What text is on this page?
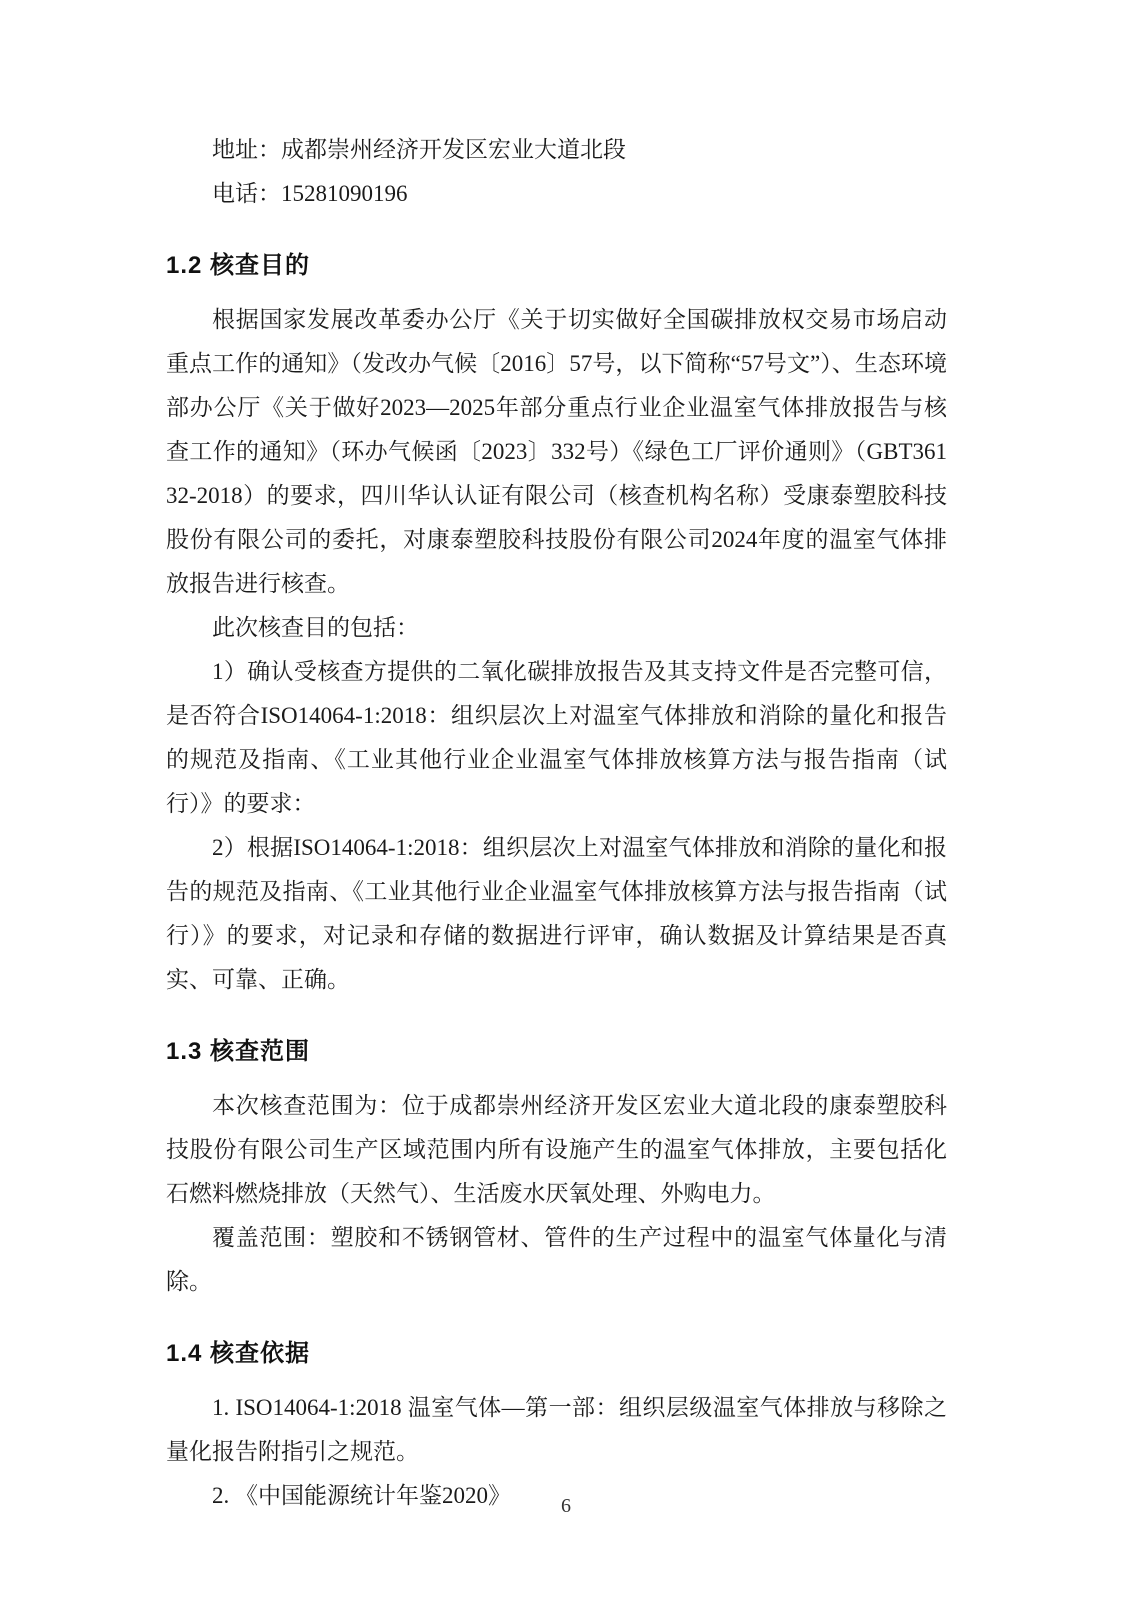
地址：成都崇州经济开发区宏业大道北段

电话：15281090196

1.2 核查目的

根据国家发展改革委办公厅《关于切实做好全国碳排放权交易市场启动重点工作的通知》（发改办气候〔2016〕57号，以下简称“57号文”）、生态环境部办公厅《关于做好2023—2025年部分重点行业企业温室气体排放报告与核查工作的通知》（环办气候函〔2023〕332号）《绿色工厂评价通则》（GBT36132-2018）的要求，四川华认认证有限公司（核查机构名称）受康泰塑胶科技股份有限公司的委托，对康泰塑胶科技股份有限公司2024年度的温室气体排放报告进行核查。

此次核查目的包括：

1）确认受核查方提供的二氧化碳排放报告及其支持文件是否完整可信，是否符合ISO14064-1:2018：组织层次上对温室气体排放和消除的量化和报告的规范及指南、《工业其他行业企业温室气体排放核算方法与报告指南（试行）》的要求：

2）根据ISO14064-1:2018：组织层次上对温室气体排放和消除的量化和报告的规范及指南、《工业其他行业企业温室气体排放核算方法与报告指南（试行）》的要求，对记录和存储的数据进行评审，确认数据及计算结果是否真实、可靠、正确。

1.3 核查范围

本次核查范围为：位于成都崇州经济开发区宏业大道北段的康泰塑胶科技股份有限公司生产区域范围内所有设施产生的温室气体排放，主要包括化石燃料燃烧排放（天然气）、生活废水厌氧处理、外购电力。

覆盖范围：塑胶和不锈钢管材、管件的生产过程中的温室气体量化与清除。

1.4 核查依据

1. ISO14064-1:2018 温室气体—第一部：组织层级温室气体排放与移除之量化报告附指引之规范。

2. 《中国能源统计年鉴2020》	6
